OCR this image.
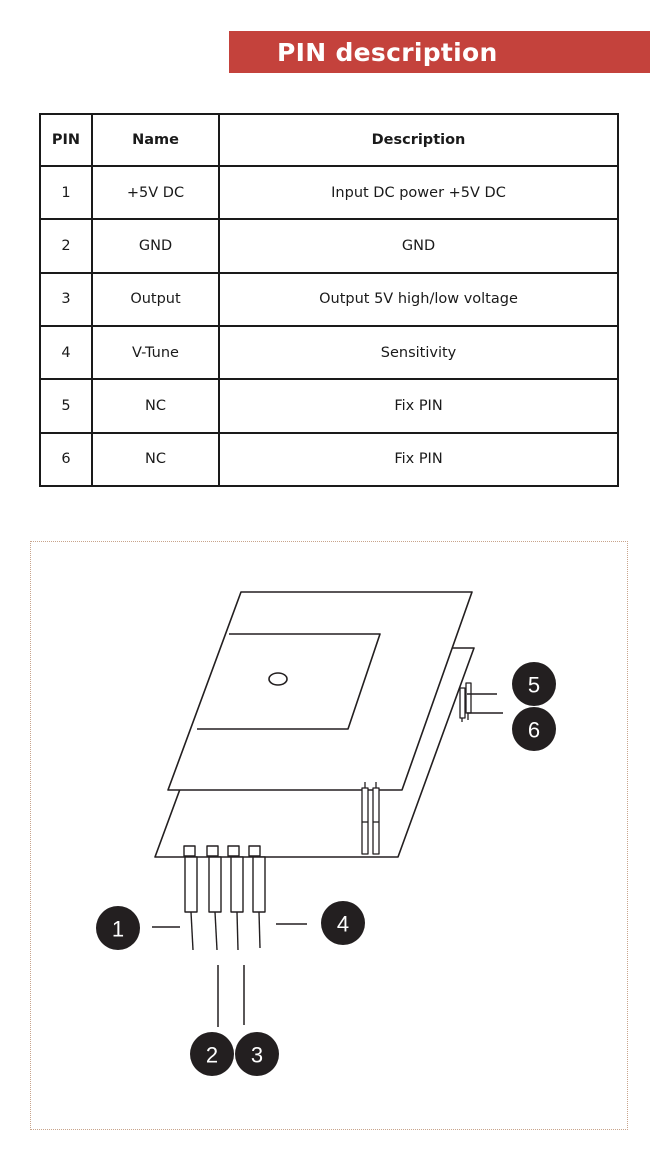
PIN description
PIN	Name	Description
1	+5V DC	Input DC power +5V DC
2	GND	GND
3	Output	Output 5V high/low voltage
4	V-Tune	Sensitivity
5	NC	Fix PIN
6	NC	Fix PIN
1
2 3
4
5
6
